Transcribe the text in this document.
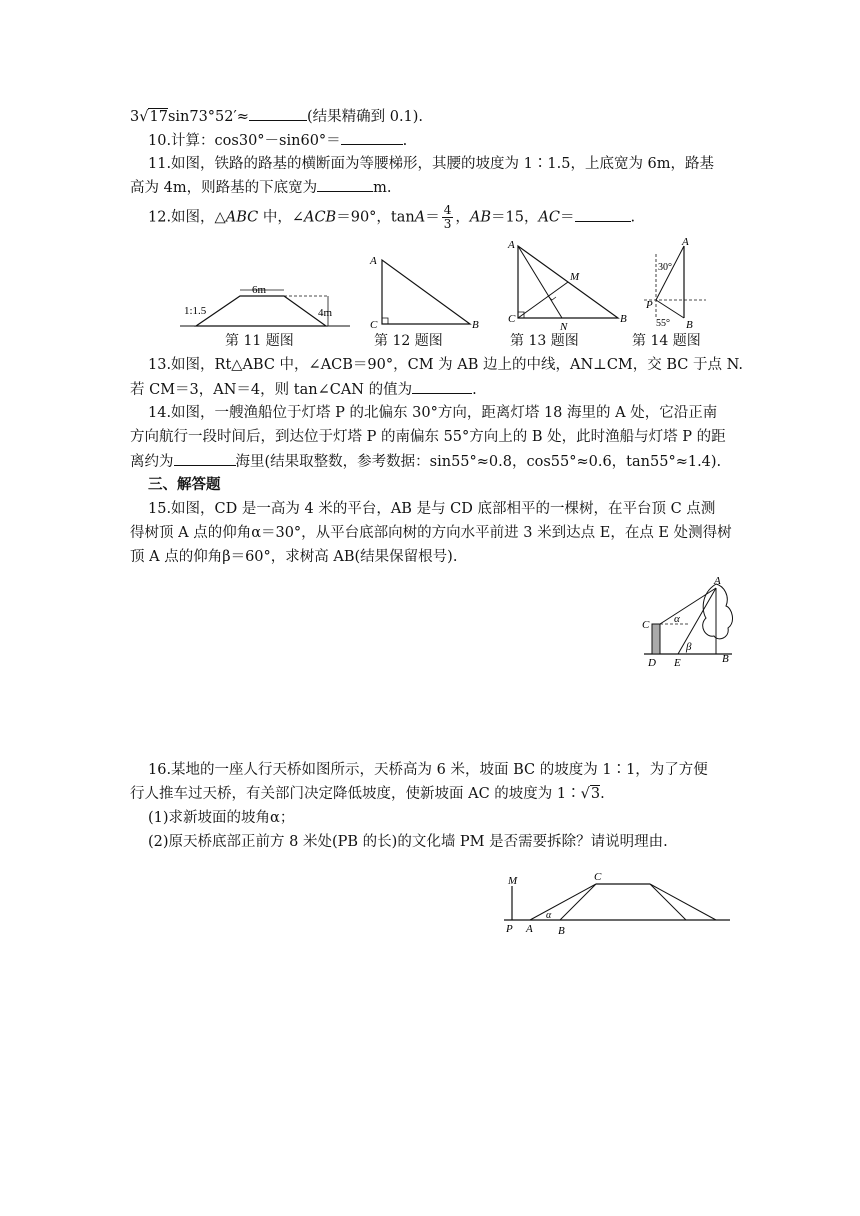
3√17sin73°52′≈	(结果精确到 0.1).
10.计算：cos30°－sin60°＝	.
11.如图，铁路的路基的横断面为等腰梯形，其腰的坡度为 1∶1.5，上底宽为 6m，路基
高为 4m，则路基的下底宽为	m.
12.如图，△ABC 中，∠ACB＝90°，$\tan A= \frac{4}{3}$ ，AB＝15，AC＝	.
6m
4m
1:1.5
第 11 题图
A
C	B
第 12 题图
A
C
M
N
B
第 13 题图
A
P
B
30°
55°
第 14 题图
13.如图，Rt△ABC 中，∠ACB＝90°，CM 为 AB 边上的中线，AN⊥CM，交 BC 于点 N.
若 CM＝3，AN＝4，则 tan∠CAN 的值为	.
14.如图，一艘渔船位于灯塔 P 的北偏东 30°方向，距离灯塔 18 海里的 A 处，它沿正南
方向航行一段时间后，到达位于灯塔 P 的南偏东 55°方向上的 B 处，此时渔船与灯塔 P 的距
离约为	海里(结果取整数，参考数据：sin55°≈0.8，cos55°≈0.6，tan55°≈1.4).
三、解答题
15.如图，CD 是一高为 4 米的平台，AB 是与 CD 底部相平的一棵树，在平台顶 C 点测
得树顶 A 点的仰角α＝30°，从平台底部向树的方向水平前进 3 米到达点 E，在点 E 处测得树
顶 A 点的仰角β＝60°，求树高 AB(结果保留根号).
A
C
D E	B
α
β
16.某地的一座人行天桥如图所示，天桥高为 6 米，坡面 BC 的坡度为 1∶1，为了方便
行人推车过天桥，有关部门决定降低坡度，使新坡面 AC 的坡度为 1∶√3.
(1)求新坡面的坡角α；
(2)原天桥底部正前方 8 米处(PB 的长)的文化墙 PM 是否需要拆除？请说明理由.
M
P A B
C
α
